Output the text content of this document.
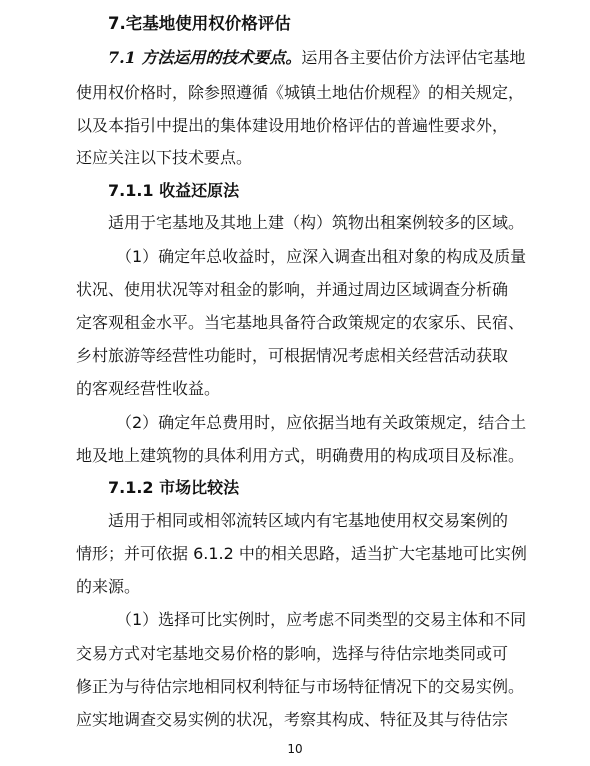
7.宅基地使用权价格评估
7.1 方法运用的技术要点。运用各主要估价方法评估宅基地
使用权价格时，除参照遵循《城镇土地估价规程》的相关规定，
以及本指引中提出的集体建设用地价格评估的普遍性要求外，
还应关注以下技术要点。
7.1.1 收益还原法
适用于宅基地及其地上建（构）筑物出租案例较多的区域。
（1）确定年总收益时，应深入调查出租对象的构成及质量
状况、使用状况等对租金的影响，并通过周边区域调查分析确
定客观租金水平。当宅基地具备符合政策规定的农家乐、民宿、
乡村旅游等经营性功能时，可根据情况考虑相关经营活动获取
的客观经营性收益。
（2）确定年总费用时，应依据当地有关政策规定，结合土
地及地上建筑物的具体利用方式，明确费用的构成项目及标准。
7.1.2 市场比较法
适用于相同或相邻流转区域内有宅基地使用权交易案例的
情形；并可依据 6.1.2 中的相关思路，适当扩大宅基地可比实例
的来源。
（1）选择可比实例时，应考虑不同类型的交易主体和不同
交易方式对宅基地交易价格的影响，选择与待估宗地类同或可
修正为与待估宗地相同权利特征与市场特征情况下的交易实例。
应实地调查交易实例的状况，考察其构成、特征及其与待估宗
10
